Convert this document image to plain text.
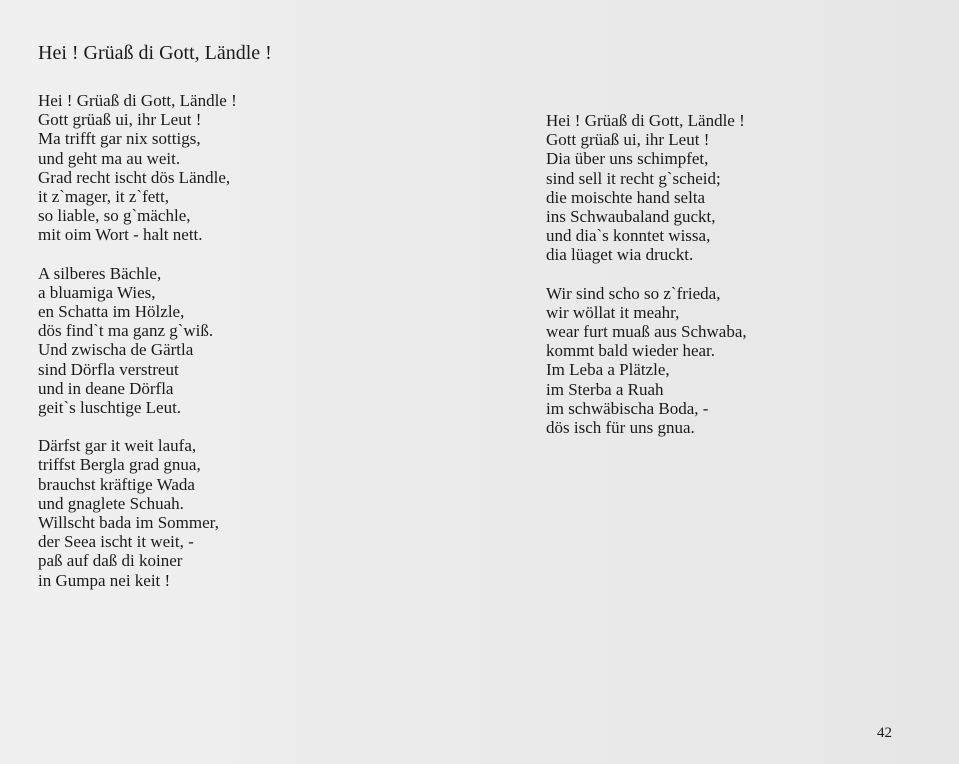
Hei ! Grüaß di Gott, Ländle !
Hei ! Grüaß di Gott, Ländle !
Gott grüaß ui, ihr Leut !
Ma trifft gar nix sottigs,
und geht ma au weit.
Grad recht ischt dös Ländle,
it z`mager, it z`fett,
so liable, so g`mächle,
mit oim Wort - halt nett.
A silberes Bächle,
a bluamiga Wies,
en Schatta im Hölzle,
dös find`t ma ganz g`wiß.
Und zwischa de Gärtla
sind Dörfla verstreut
und in deane Dörfla
geit`s luschtige Leut.
Därfst gar it weit laufa,
triffst Bergla grad gnua,
brauchst kräftige Wada
und gnaglete Schuah.
Willscht bada im Sommer,
der Seea ischt it weit, -
paß auf daß di koiner
in Gumpa nei keit !
Hei ! Grüaß di Gott, Ländle !
Gott grüaß ui, ihr Leut !
Dia über uns schimpfet,
sind sell it recht g`scheid;
die moischte hand selta
ins Schwaubaland guckt,
und dia`s konntet wissa,
dia lüaget wia druckt.
Wir sind scho so z`frieda,
wir wöllat it meahr,
wear furt muaß aus Schwaba,
kommt bald wieder hear.
Im Leba a Plätzle,
im Sterba a Ruah
im schwäbischa Boda, -
dös isch für uns gnua.
42
